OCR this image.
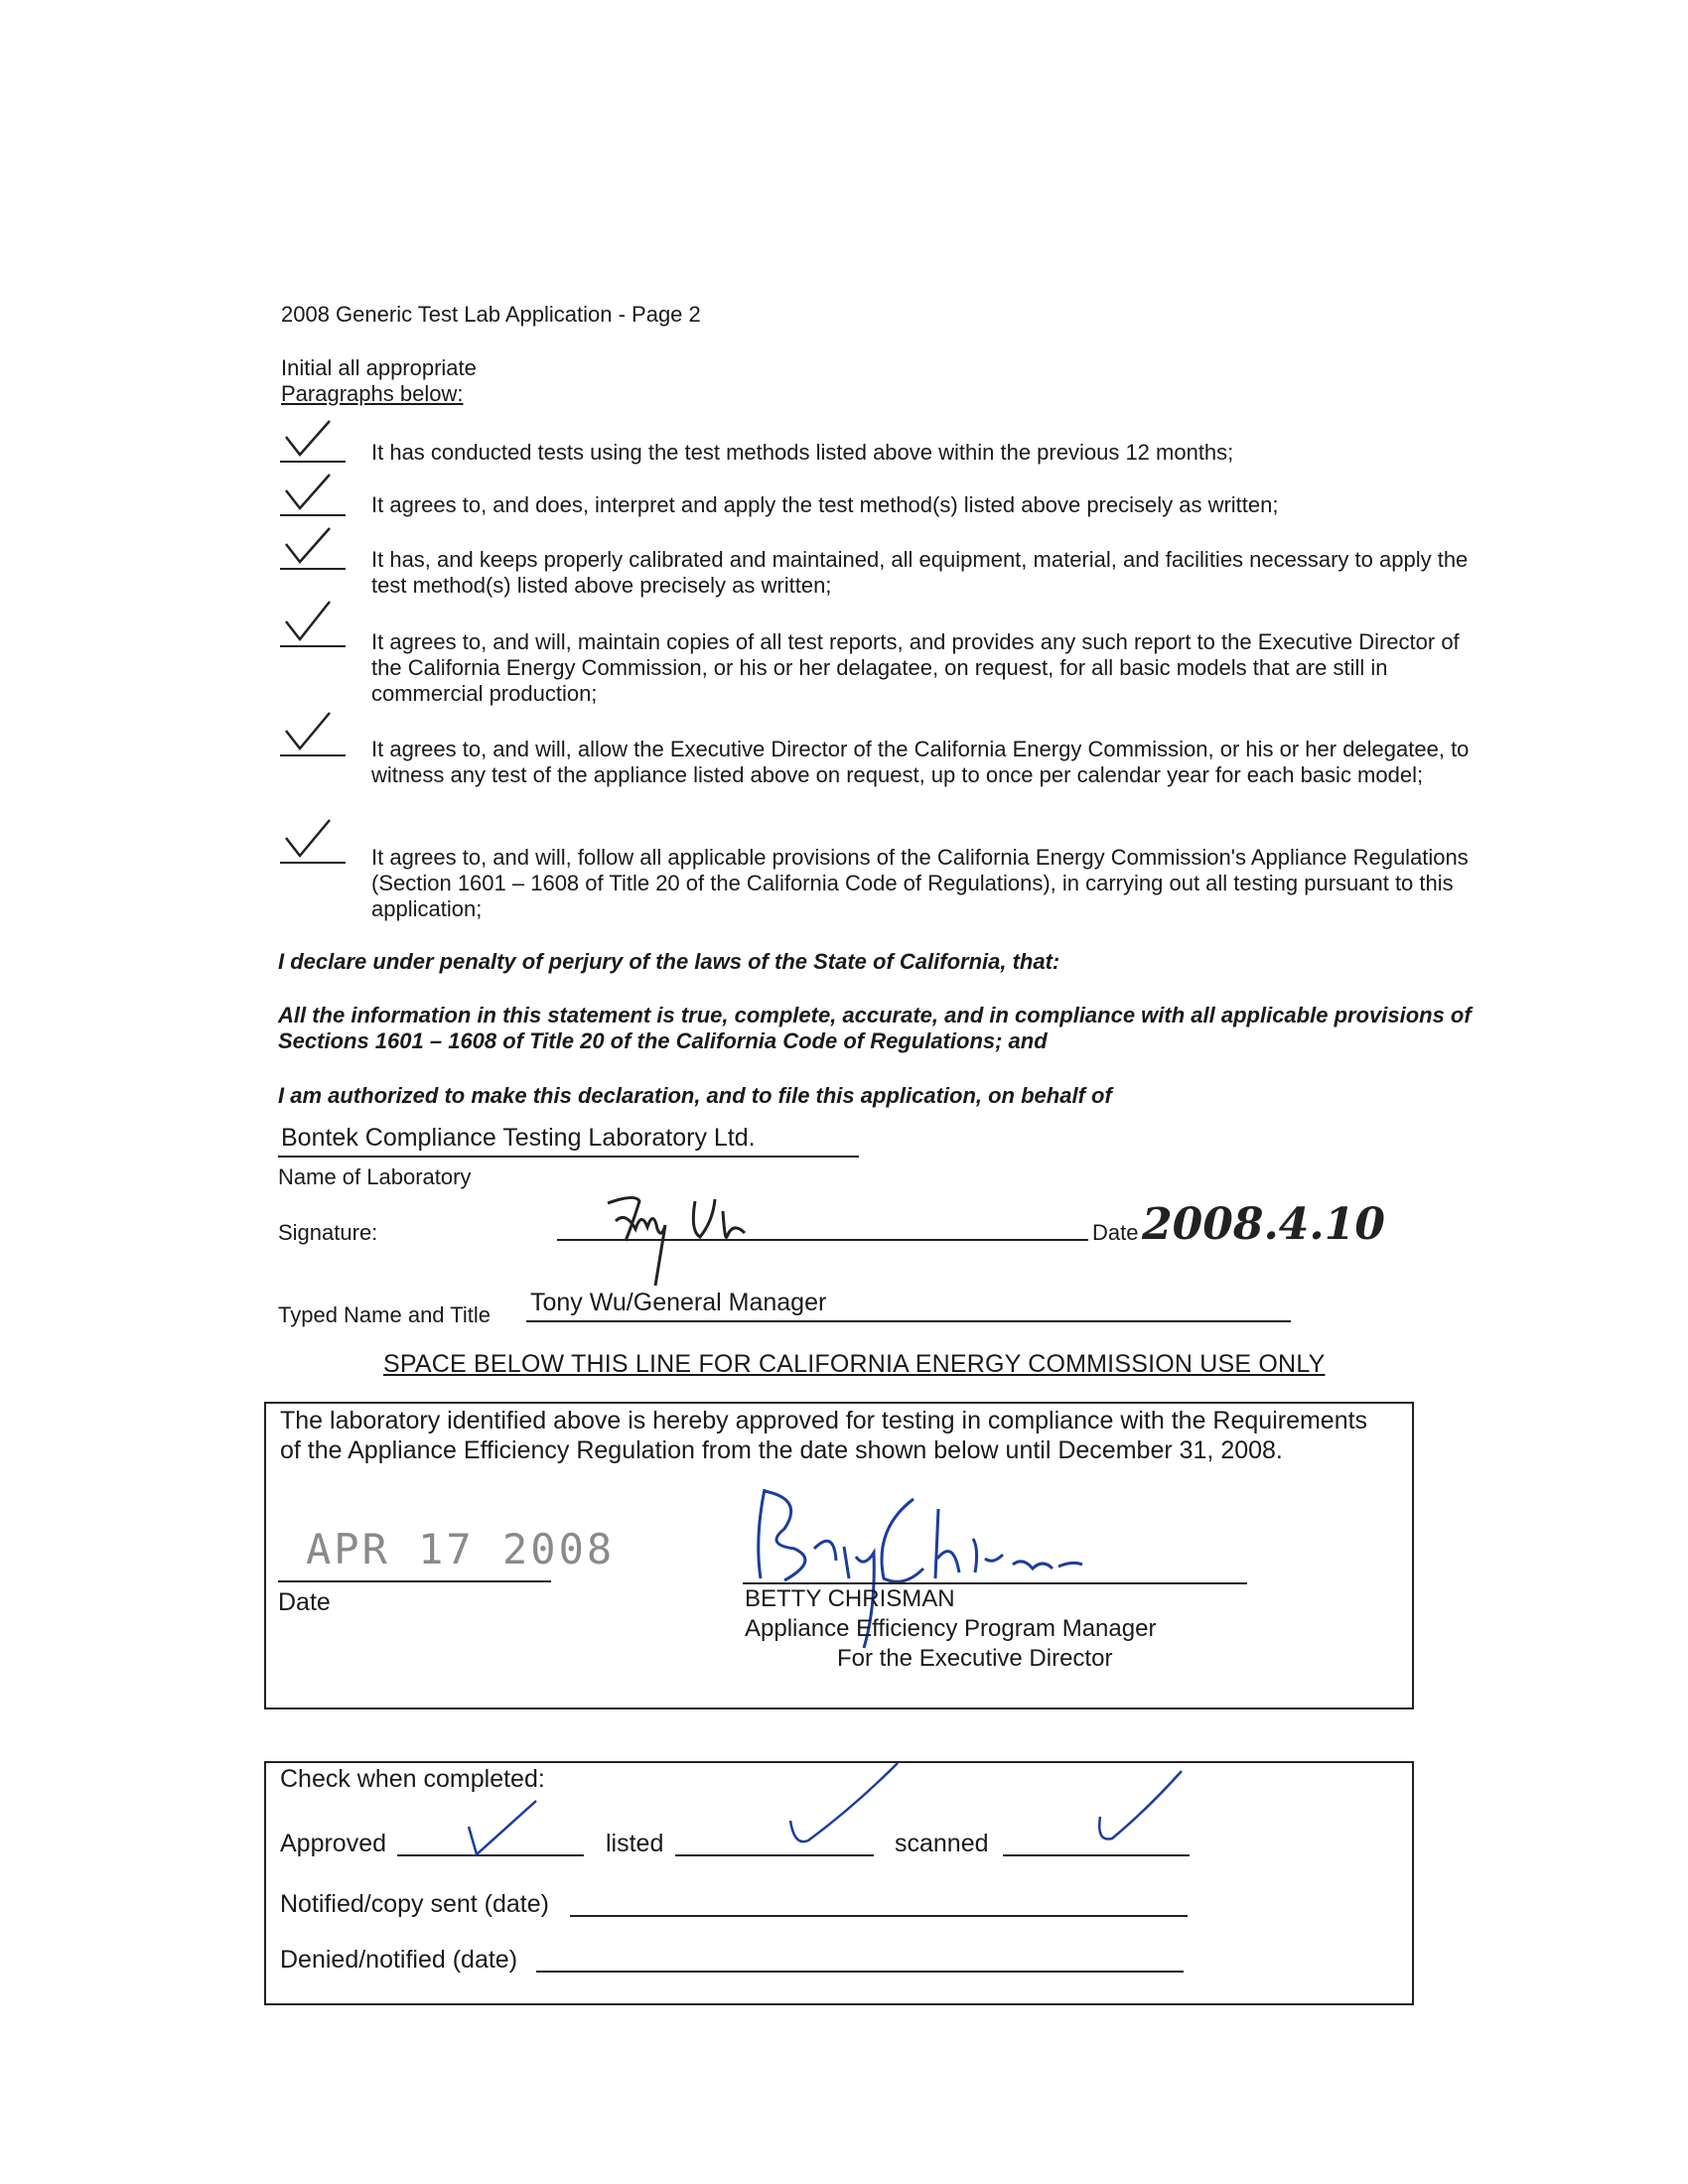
2008 Generic Test Lab Application - Page 2
Initial all appropriate
Paragraphs below:
It has conducted tests using the test methods listed above within the previous 12 months;
It agrees to, and does, interpret and apply the test method(s) listed above precisely as written;
It has, and keeps properly calibrated and maintained, all equipment, material, and facilities necessary to apply the test method(s) listed above precisely as written;
It agrees to, and will, maintain copies of all test reports, and provides any such report to the Executive Director of the California Energy Commission, or his or her delagatee, on request, for all basic models that are still in commercial production;
It agrees to, and will, allow the Executive Director of the California Energy Commission, or his or her delegatee, to witness any test of the appliance listed above on request, up to once per calendar year for each basic model;
It agrees to, and will, follow all applicable provisions of the California Energy Commission's Appliance Regulations (Section 1601 – 1608 of Title 20 of the California Code of Regulations), in carrying out all testing pursuant to this application;
I declare under penalty of perjury of the laws of the State of California, that:
All the information in this statement is true, complete, accurate, and in compliance with all applicable provisions of Sections 1601 – 1608 of Title 20 of the California Code of Regulations; and
I am authorized to make this declaration, and to file this application, on behalf of
Bontek Compliance Testing Laboratory Ltd.
Name of Laboratory
Signature:	Date 2008.4.10
Typed Name and Title Tony Wu/General Manager
SPACE BELOW THIS LINE FOR CALIFORNIA ENERGY COMMISSION USE ONLY
The laboratory identified above is hereby approved for testing in compliance with the Requirements of the Appliance Efficiency Regulation from the date shown below until December 31, 2008.
APR 17 2008
Date	BETTY CHRISMAN
Appliance Efficiency Program Manager
For the Executive Director
Check when completed:
Approved	listed	scanned
Notified/copy sent (date)
Denied/notified (date)
